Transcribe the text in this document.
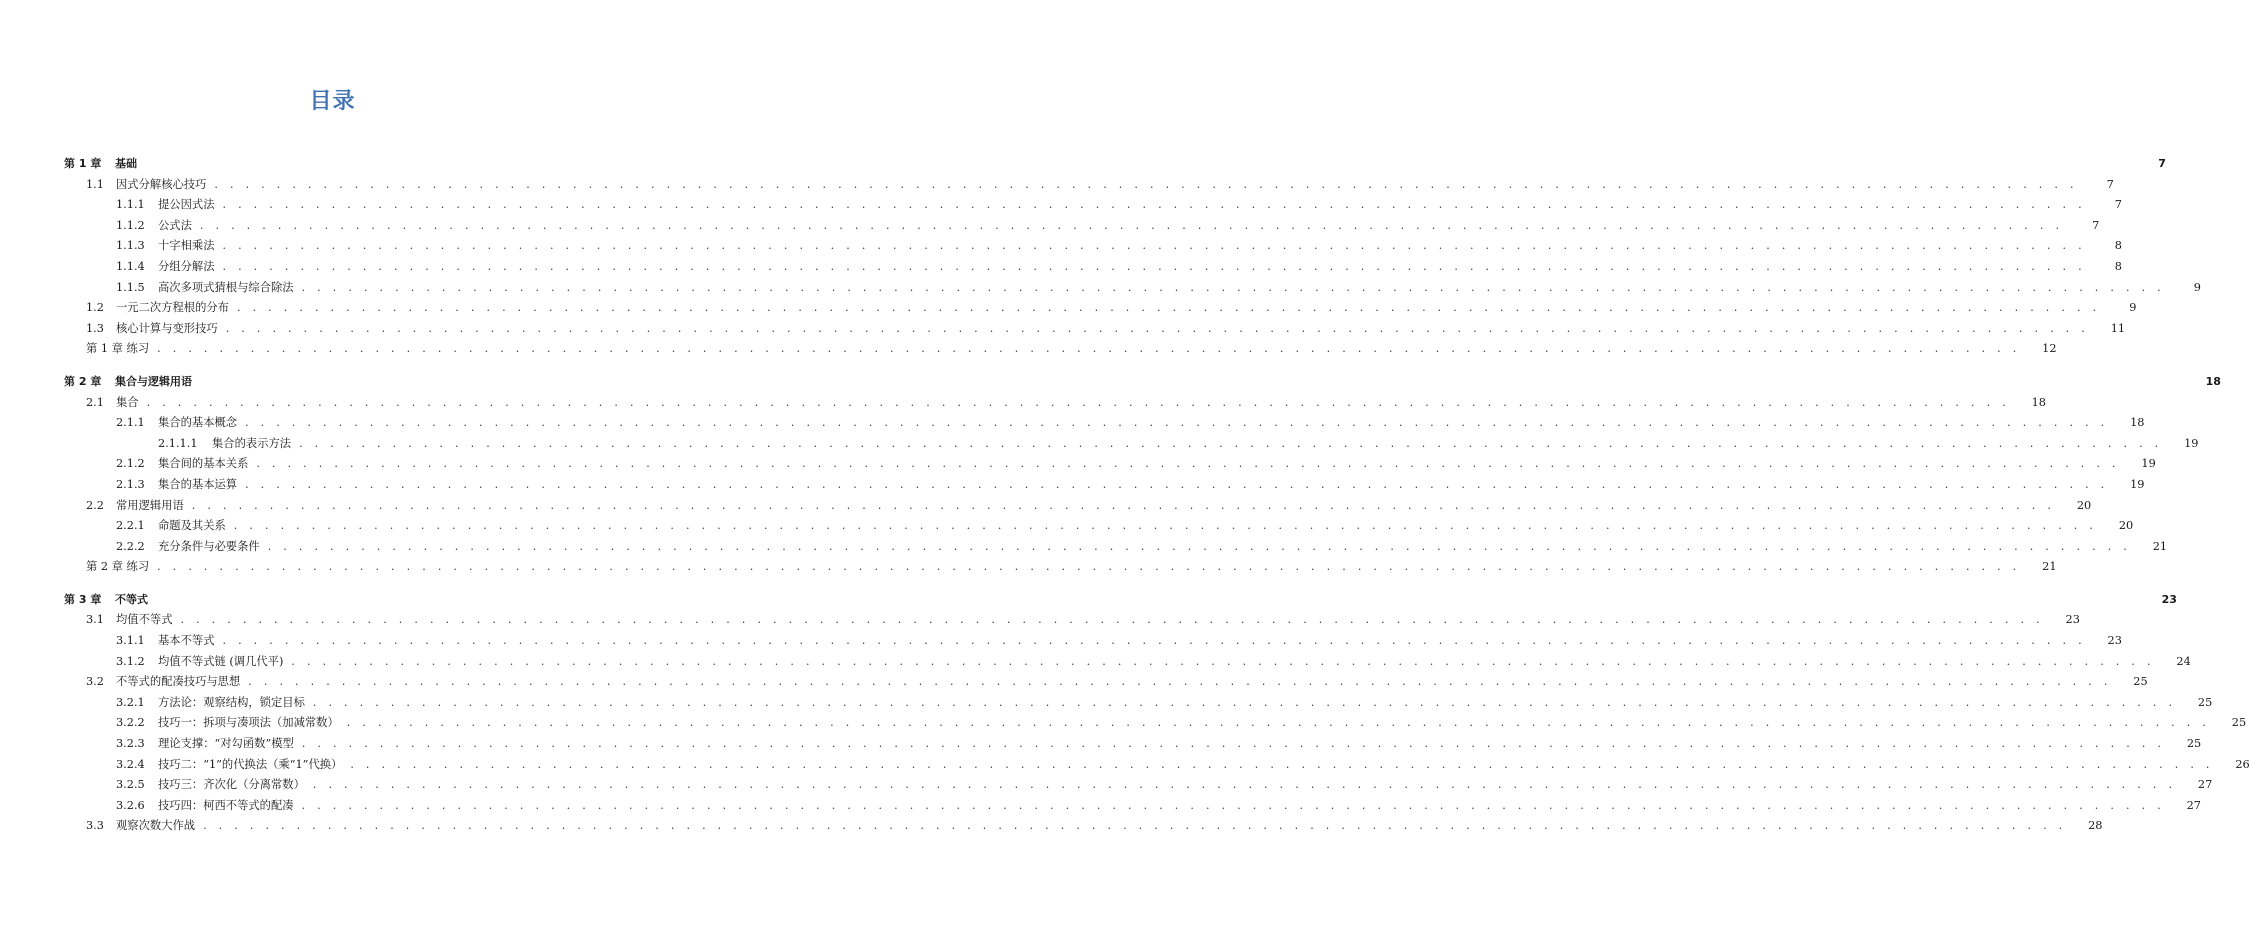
目录
第 1 章	基础	7
1.1	因式分解核心技巧 . . . . . . . . . . . . . . . . . . . . . . . . . . . . . . . . . . . . . . . . . . . . . . . . . . . . . . . . . . . . . . . . . . . . . . . . . . . . . . . . . . . . . . . . . . . . . . . . . . . . . . . . . . . . . . . . . . . . . . . .	7
1.1.1	提公因式法 . . . . . . . . . . . . . . . . . . . . . . . . . . . . . . . . . . . . . . . . . . . . . . . . . . . . . . . . . . . . . . . . . . . . . . . . . . . . . . . . . . . . . . . . . . . . . . . . . . . . . . . . . . . . . . . . . . . . . . . .	7
1.1.2	公式法 . . . . . . . . . . . . . . . . . . . . . . . . . . . . . . . . . . . . . . . . . . . . . . . . . . . . . . . . . . . . . . . . . . . . . . . . . . . . . . . . . . . . . . . . . . . . . . . . . . . . . . . . . . . . . . . . . . . . . . . .	7
1.1.3	十字相乘法 . . . . . . . . . . . . . . . . . . . . . . . . . . . . . . . . . . . . . . . . . . . . . . . . . . . . . . . . . . . . . . . . . . . . . . . . . . . . . . . . . . . . . . . . . . . . . . . . . . . . . . . . . . . . . . . . . . . . . . . .	8
1.1.4	分组分解法 . . . . . . . . . . . . . . . . . . . . . . . . . . . . . . . . . . . . . . . . . . . . . . . . . . . . . . . . . . . . . . . . . . . . . . . . . . . . . . . . . . . . . . . . . . . . . . . . . . . . . . . . . . . . . . . . . . . . . . . .	8
1.1.5	高次多项式猜根与综合除法 . . . . . . . . . . . . . . . . . . . . . . . . . . . . . . . . . . . . . . . . . . . . . . . . . . . . . . . . . . . . . . . . . . . . . . . . . . . . . . . . . . . . . . . . . . . . . . . . . . . . . . . . . . . . . . . . . . . . . . . .	9
1.2	一元二次方程根的分布 . . . . . . . . . . . . . . . . . . . . . . . . . . . . . . . . . . . . . . . . . . . . . . . . . . . . . . . . . . . . . . . . . . . . . . . . . . . . . . . . . . . . . . . . . . . . . . . . . . . . . . . . . . . . . . . . . . . . . . . .	9
1.3	核心计算与变形技巧 . . . . . . . . . . . . . . . . . . . . . . . . . . . . . . . . . . . . . . . . . . . . . . . . . . . . . . . . . . . . . . . . . . . . . . . . . . . . . . . . . . . . . . . . . . . . . . . . . . . . . . . . . . . . . . . . . . . . . . . .	11
第 1 章 练习 . . . . . . . . . . . . . . . . . . . . . . . . . . . . . . . . . . . . . . . . . . . . . . . . . . . . . . . . . . . . . . . . . . . . . . . . . . . . . . . . . . . . . . . . . . . . . . . . . . . . . . . . . . . . . . . . . . . . . . . .	12
第 2 章	集合与逻辑用语	18
2.1	集合 . . . . . . . . . . . . . . . . . . . . . . . . . . . . . . . . . . . . . . . . . . . . . . . . . . . . . . . . . . . . . . . . . . . . . . . . . . . . . . . . . . . . . . . . . . . . . . . . . . . . . . . . . . . . . . . . . . . . . . . .	18
2.1.1	集合的基本概念 . . . . . . . . . . . . . . . . . . . . . . . . . . . . . . . . . . . . . . . . . . . . . . . . . . . . . . . . . . . . . . . . . . . . . . . . . . . . . . . . . . . . . . . . . . . . . . . . . . . . . . . . . . . . . . . . . . . . . . . .	18
2.1.1.1	集合的表示方法 . . . . . . . . . . . . . . . . . . . . . . . . . . . . . . . . . . . . . . . . . . . . . . . . . . . . . . . . . . . . . . . . . . . . . . . . . . . . . . . . . . . . . . . . . . . . . . . . . . . . . . . . . . . . . . . . . . . . . . . .	19
2.1.2	集合间的基本关系 . . . . . . . . . . . . . . . . . . . . . . . . . . . . . . . . . . . . . . . . . . . . . . . . . . . . . . . . . . . . . . . . . . . . . . . . . . . . . . . . . . . . . . . . . . . . . . . . . . . . . . . . . . . . . . . . . . . . . . . .	19
2.1.3	集合的基本运算 . . . . . . . . . . . . . . . . . . . . . . . . . . . . . . . . . . . . . . . . . . . . . . . . . . . . . . . . . . . . . . . . . . . . . . . . . . . . . . . . . . . . . . . . . . . . . . . . . . . . . . . . . . . . . . . . . . . . . . . .	19
2.2	常用逻辑用语 . . . . . . . . . . . . . . . . . . . . . . . . . . . . . . . . . . . . . . . . . . . . . . . . . . . . . . . . . . . . . . . . . . . . . . . . . . . . . . . . . . . . . . . . . . . . . . . . . . . . . . . . . . . . . . . . . . . . . . . .	20
2.2.1	命题及其关系 . . . . . . . . . . . . . . . . . . . . . . . . . . . . . . . . . . . . . . . . . . . . . . . . . . . . . . . . . . . . . . . . . . . . . . . . . . . . . . . . . . . . . . . . . . . . . . . . . . . . . . . . . . . . . . . . . . . . . . . .	20
2.2.2	充分条件与必要条件 . . . . . . . . . . . . . . . . . . . . . . . . . . . . . . . . . . . . . . . . . . . . . . . . . . . . . . . . . . . . . . . . . . . . . . . . . . . . . . . . . . . . . . . . . . . . . . . . . . . . . . . . . . . . . . . . . . . . . . . .	21
第 2 章 练习 . . . . . . . . . . . . . . . . . . . . . . . . . . . . . . . . . . . . . . . . . . . . . . . . . . . . . . . . . . . . . . . . . . . . . . . . . . . . . . . . . . . . . . . . . . . . . . . . . . . . . . . . . . . . . . . . . . . . . . . .	21
第 3 章	不等式	23
3.1	均值不等式 . . . . . . . . . . . . . . . . . . . . . . . . . . . . . . . . . . . . . . . . . . . . . . . . . . . . . . . . . . . . . . . . . . . . . . . . . . . . . . . . . . . . . . . . . . . . . . . . . . . . . . . . . . . . . . . . . . . . . . . .	23
3.1.1	基本不等式 . . . . . . . . . . . . . . . . . . . . . . . . . . . . . . . . . . . . . . . . . . . . . . . . . . . . . . . . . . . . . . . . . . . . . . . . . . . . . . . . . . . . . . . . . . . . . . . . . . . . . . . . . . . . . . . . . . . . . . . .	23
3.1.2	均值不等式链 (调几代平) . . . . . . . . . . . . . . . . . . . . . . . . . . . . . . . . . . . . . . . . . . . . . . . . . . . . . . . . . . . . . . . . . . . . . . . . . . . . . . . . . . . . . . . . . . . . . . . . . . . . . . . . . . . . . . . . . . . . . . . .	24
3.2	不等式的配凑技巧与思想 . . . . . . . . . . . . . . . . . . . . . . . . . . . . . . . . . . . . . . . . . . . . . . . . . . . . . . . . . . . . . . . . . . . . . . . . . . . . . . . . . . . . . . . . . . . . . . . . . . . . . . . . . . . . . . . . . . . . . . . .	25
3.2.1	方法论：观察结构，锁定目标 . . . . . . . . . . . . . . . . . . . . . . . . . . . . . . . . . . . . . . . . . . . . . . . . . . . . . . . . . . . . . . . . . . . . . . . . . . . . . . . . . . . . . . . . . . . . . . . . . . . . . . . . . . . . . . . . . . . . . . . .	25
3.2.2	技巧一：拆项与凑项法（加减常数） . . . . . . . . . . . . . . . . . . . . . . . . . . . . . . . . . . . . . . . . . . . . . . . . . . . . . . . . . . . . . . . . . . . . . . . . . . . . . . . . . . . . . . . . . . . . . . . . . . . . . . . . . . . . . . . . . . . . . . . .	25
3.2.3	理论支撑：“对勾函数”模型 . . . . . . . . . . . . . . . . . . . . . . . . . . . . . . . . . . . . . . . . . . . . . . . . . . . . . . . . . . . . . . . . . . . . . . . . . . . . . . . . . . . . . . . . . . . . . . . . . . . . . . . . . . . . . . . . . . . . . . . .	25
3.2.4	技巧二：“1”的代换法（乘“1”代换） . . . . . . . . . . . . . . . . . . . . . . . . . . . . . . . . . . . . . . . . . . . . . . . . . . . . . . . . . . . . . . . . . . . . . . . . . . . . . . . . . . . . . . . . . . . . . . . . . . . . . . . . . . . . . . . . . . . . . . . .	26
3.2.5	技巧三：齐次化（分离常数） . . . . . . . . . . . . . . . . . . . . . . . . . . . . . . . . . . . . . . . . . . . . . . . . . . . . . . . . . . . . . . . . . . . . . . . . . . . . . . . . . . . . . . . . . . . . . . . . . . . . . . . . . . . . . . . . . . . . . . . .	27
3.2.6	技巧四：柯西不等式的配凑 . . . . . . . . . . . . . . . . . . . . . . . . . . . . . . . . . . . . . . . . . . . . . . . . . . . . . . . . . . . . . . . . . . . . . . . . . . . . . . . . . . . . . . . . . . . . . . . . . . . . . . . . . . . . . . . . . . . . . . . .	27
3.3	观察次数大作战 . . . . . . . . . . . . . . . . . . . . . . . . . . . . . . . . . . . . . . . . . . . . . . . . . . . . . . . . . . . . . . . . . . . . . . . . . . . . . . . . . . . . . . . . . . . . . . . . . . . . . . . . . . . . . . . . . . . . . . . .	28
